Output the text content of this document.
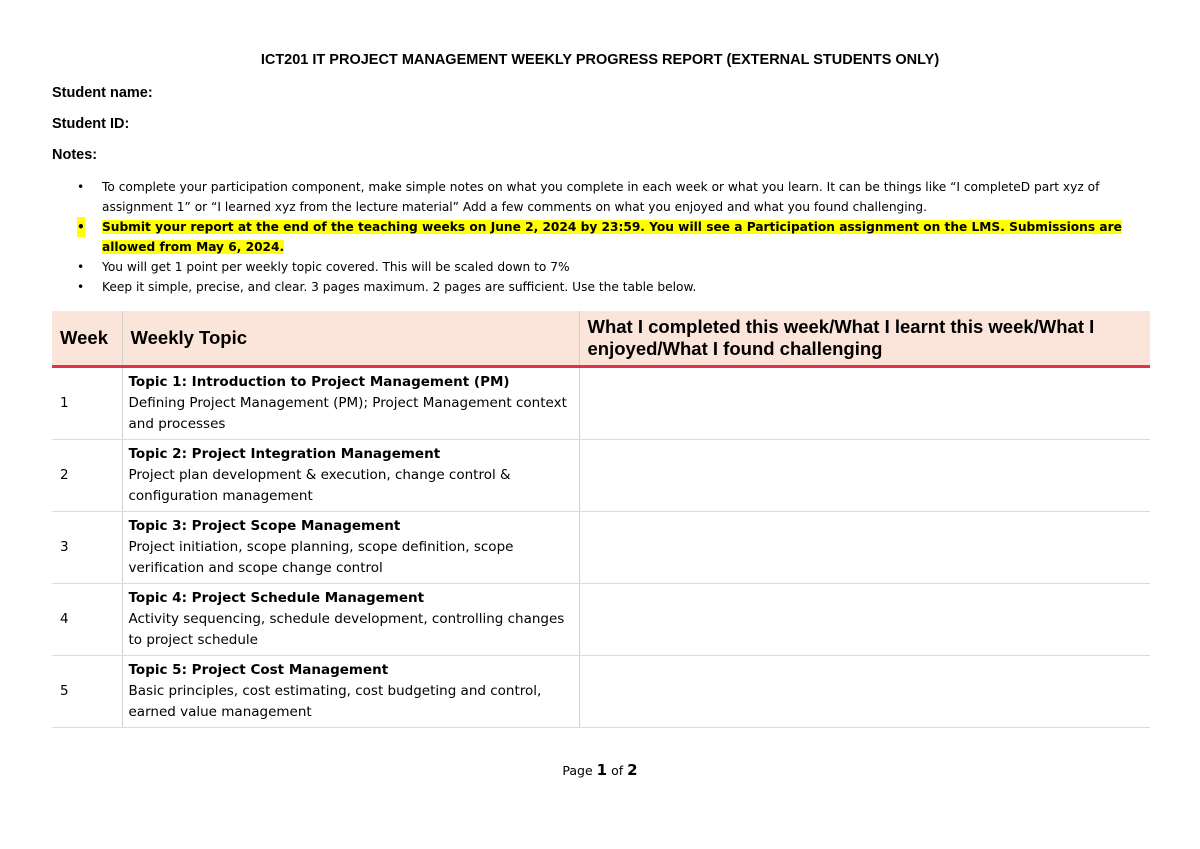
ICT201 IT PROJECT MANAGEMENT WEEKLY PROGRESS REPORT (EXTERNAL STUDENTS ONLY)
Student name:
Student ID:
Notes:
• To complete your participation component, make simple notes on what you complete in each week or what you learn. It can be things like “I completeD part xyz of assignment 1” or “I learned xyz from the lecture material” Add a few comments on what you enjoyed and what you found challenging.
• Submit your report at the end of the teaching weeks on June 2, 2024 by 23:59. You will see a Participation assignment on the LMS. Submissions are allowed from May 6, 2024.
• You will get 1 point per weekly topic covered. This will be scaled down to 7%
• Keep it simple, precise, and clear. 3 pages maximum. 2 pages are sufficient. Use the table below.
Week	Weekly Topic	What I completed this week/What I learnt this week/What I enjoyed/What I found challenging
1	Topic 1: Introduction to Project Management (PM)
Defining Project Management (PM); Project Management context and processes	

2	Topic 2: Project Integration Management
Project plan development & execution, change control & configuration management	

3	Topic 3: Project Scope Management
Project initiation, scope planning, scope definition, scope verification and scope change control	

4	Topic 4: Project Schedule Management
Activity sequencing, schedule development, controlling changes to project schedule	

5	Topic 5: Project Cost Management
Basic principles, cost estimating, cost budgeting and control, earned value management	

Page 1 of 2
